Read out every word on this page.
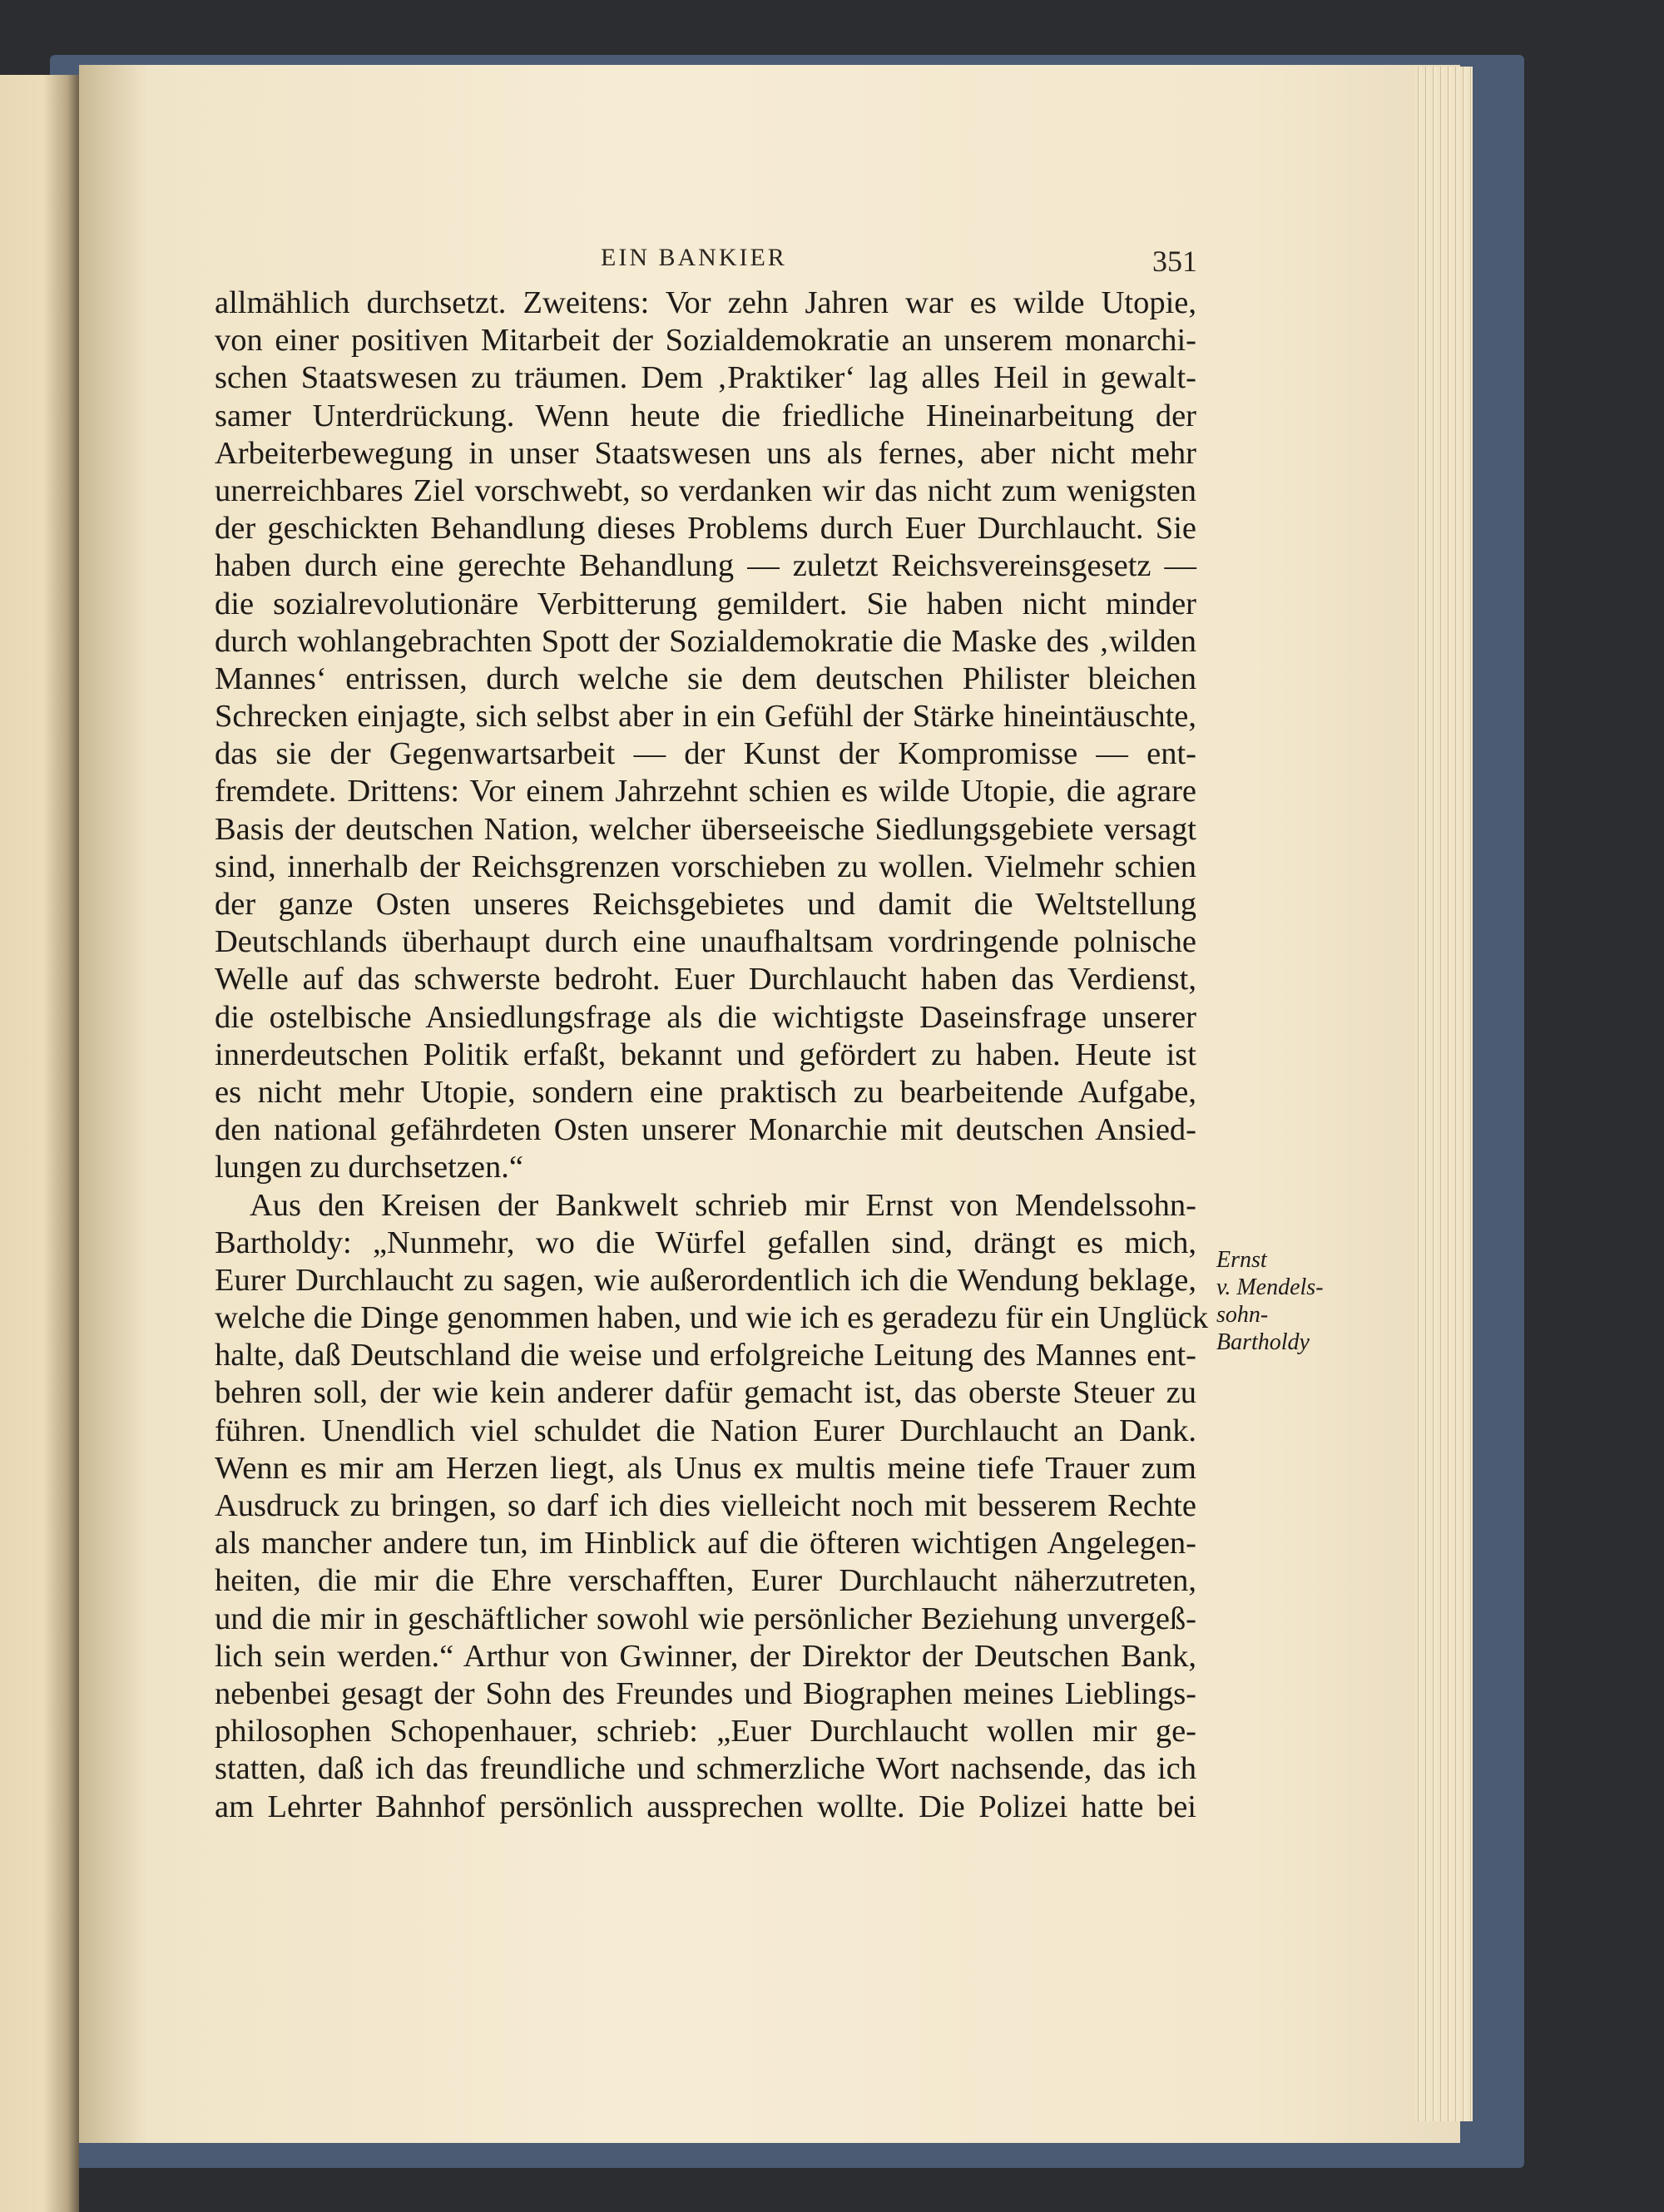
EIN BANKIER	351
allmählich durchsetzt. Zweitens: Vor zehn Jahren war es wilde Utopie,
von einer positiven Mitarbeit der Sozialdemokratie an unserem monarchi-
schen Staatswesen zu träumen. Dem ‚Praktiker‘ lag alles Heil in gewalt-
samer Unterdrückung. Wenn heute die friedliche Hineinarbeitung der
Arbeiterbewegung in unser Staatswesen uns als fernes, aber nicht mehr
unerreichbares Ziel vorschwebt, so verdanken wir das nicht zum wenigsten
der geschickten Behandlung dieses Problems durch Euer Durchlaucht. Sie
haben durch eine gerechte Behandlung — zuletzt Reichsvereinsgesetz —
die sozialrevolutionäre Verbitterung gemildert. Sie haben nicht minder
durch wohlangebrachten Spott der Sozialdemokratie die Maske des ‚wilden
Mannes‘ entrissen, durch welche sie dem deutschen Philister bleichen
Schrecken einjagte, sich selbst aber in ein Gefühl der Stärke hineintäuschte,
das sie der Gegenwartsarbeit — der Kunst der Kompromisse — ent-
fremdete. Drittens: Vor einem Jahrzehnt schien es wilde Utopie, die agrare
Basis der deutschen Nation, welcher überseeische Siedlungsgebiete versagt
sind, innerhalb der Reichsgrenzen vorschieben zu wollen. Vielmehr schien
der ganze Osten unseres Reichsgebietes und damit die Weltstellung
Deutschlands überhaupt durch eine unaufhaltsam vordringende polnische
Welle auf das schwerste bedroht. Euer Durchlaucht haben das Verdienst,
die ostelbische Ansiedlungsfrage als die wichtigste Daseinsfrage unserer
innerdeutschen Politik erfaßt, bekannt und gefördert zu haben. Heute ist
es nicht mehr Utopie, sondern eine praktisch zu bearbeitende Aufgabe,
den national gefährdeten Osten unserer Monarchie mit deutschen Ansied-
lungen zu durchsetzen.“
Aus den Kreisen der Bankwelt schrieb mir Ernst von Mendelssohn-
Bartholdy: „Nunmehr, wo die Würfel gefallen sind, drängt es mich,
Eurer Durchlaucht zu sagen, wie außerordentlich ich die Wendung beklage,
welche die Dinge genommen haben, und wie ich es geradezu für ein Unglück
halte, daß Deutschland die weise und erfolgreiche Leitung des Mannes ent-
behren soll, der wie kein anderer dafür gemacht ist, das oberste Steuer zu
führen. Unendlich viel schuldet die Nation Eurer Durchlaucht an Dank.
Wenn es mir am Herzen liegt, als Unus ex multis meine tiefe Trauer zum
Ausdruck zu bringen, so darf ich dies vielleicht noch mit besserem Rechte
als mancher andere tun, im Hinblick auf die öfteren wichtigen Angelegen-
heiten, die mir die Ehre verschafften, Eurer Durchlaucht näherzutreten,
und die mir in geschäftlicher sowohl wie persönlicher Beziehung unvergeß-
lich sein werden.“ Arthur von Gwinner, der Direktor der Deutschen Bank,
nebenbei gesagt der Sohn des Freundes und Biographen meines Lieblings-
philosophen Schopenhauer, schrieb: „Euer Durchlaucht wollen mir ge-
statten, daß ich das freundliche und schmerzliche Wort nachsende, das ich
am Lehrter Bahnhof persönlich aussprechen wollte. Die Polizei hatte bei
Ernst
v. Mendels-
sohn-
Bartholdy
